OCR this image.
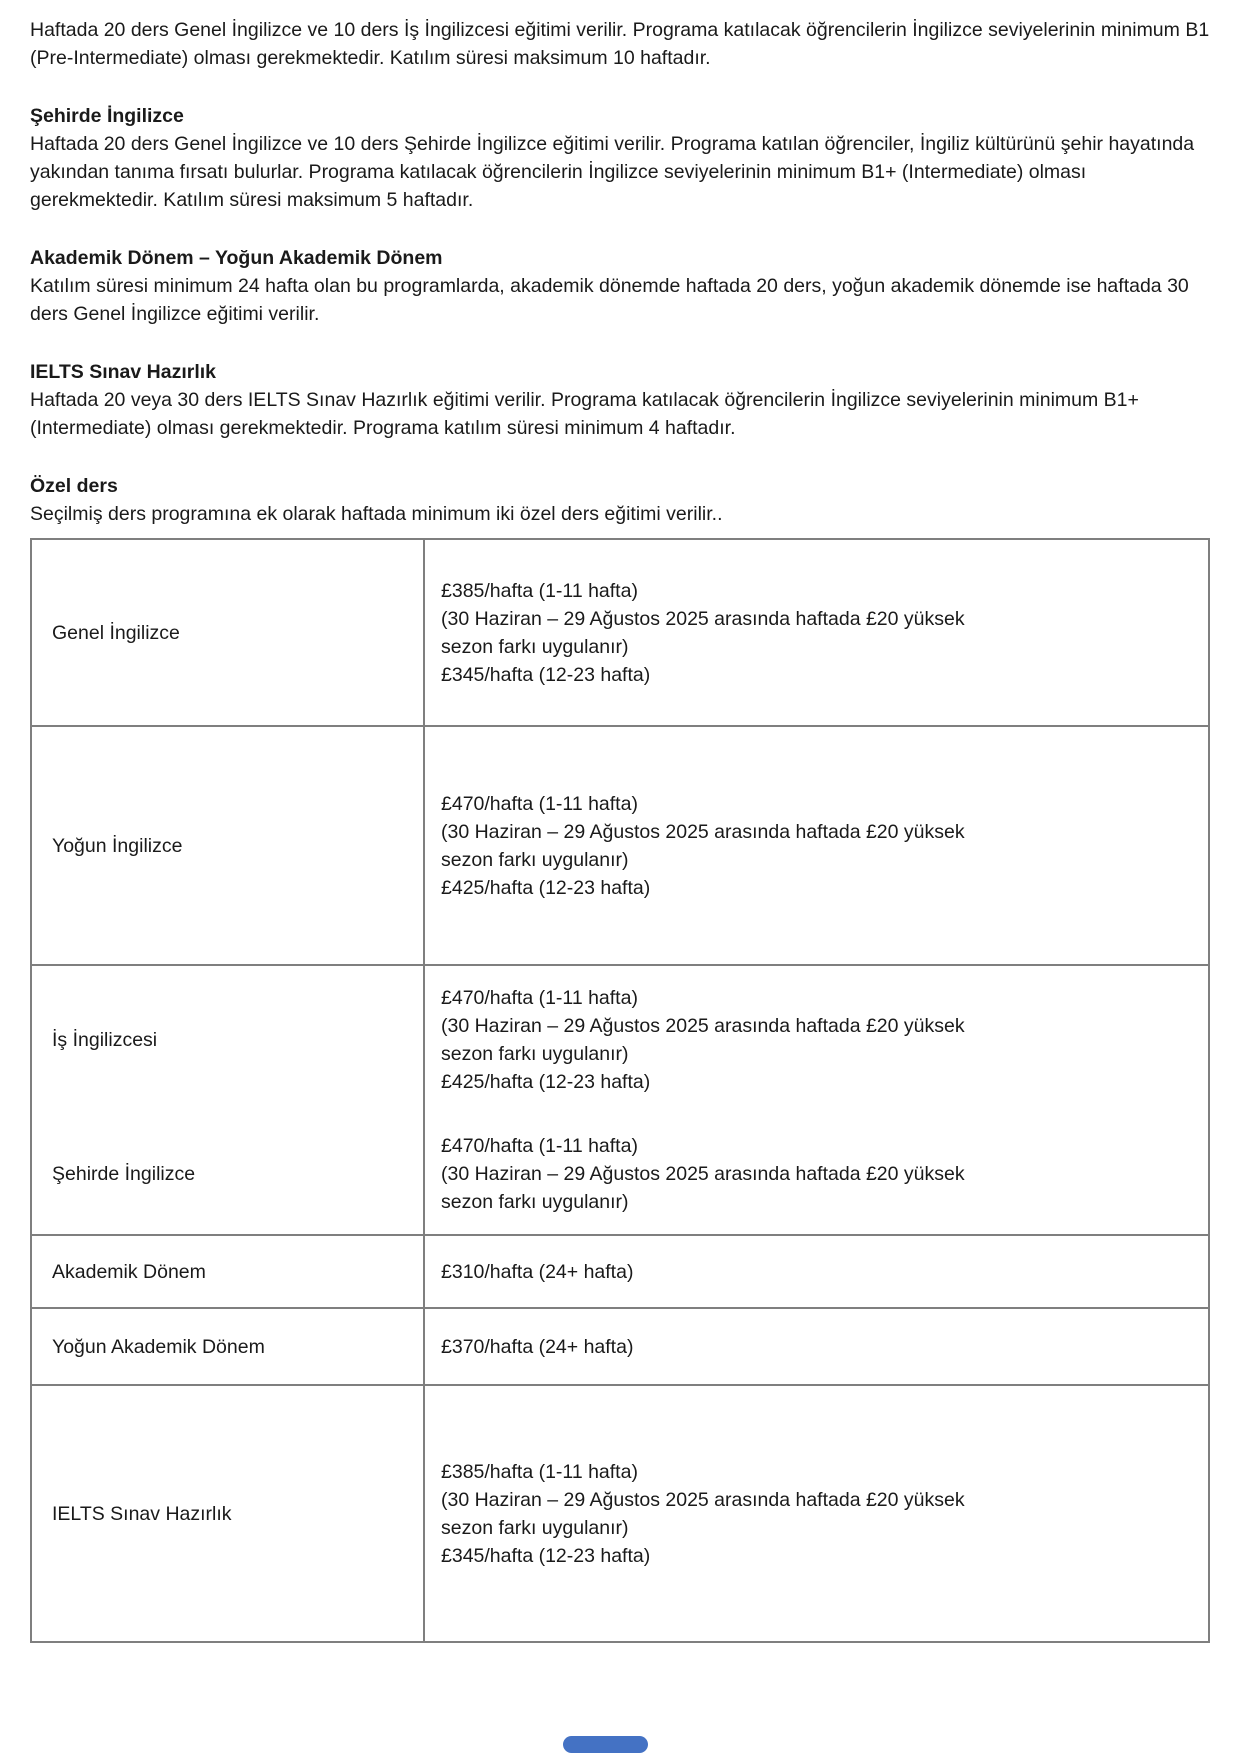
Haftada 20 ders Genel İngilizce ve 10 ders İş İngilizcesi eğitimi verilir. Programa katılacak öğrencilerin İngilizce seviyelerinin minimum B1 (Pre-Intermediate) olması gerekmektedir. Katılım süresi maksimum 10 haftadır.

Şehirde İngilizce

Haftada 20 ders Genel İngilizce ve 10 ders Şehirde İngilizce eğitimi verilir. Programa katılan öğrenciler, İngiliz kültürünü şehir hayatında yakından tanıma fırsatı bulurlar. Programa katılacak öğrencilerin İngilizce seviyelerinin minimum B1+ (Intermediate) olması gerekmektedir. Katılım süresi maksimum 5 haftadır.

Akademik Dönem – Yoğun Akademik Dönem

Katılım süresi minimum 24 hafta olan bu programlarda, akademik dönemde haftada 20 ders, yoğun akademik dönemde ise haftada 30 ders Genel İngilizce eğitimi verilir.

IELTS Sınav Hazırlık

Haftada 20 veya 30 ders IELTS Sınav Hazırlık eğitimi verilir. Programa katılacak öğrencilerin İngilizce seviyelerinin minimum B1+ (Intermediate) olması gerekmektedir. Programa katılım süresi minimum 4 haftadır.

Özel ders

Seçilmiş ders programına ek olarak haftada minimum iki özel ders eğitimi verilir..

Genel İngilizce
£385/hafta (1-11 hafta)
(30 Haziran – 29 Ağustos 2025 arasında haftada £20 yüksek sezon farkı uygulanır)
£345/hafta (12-23 hafta)
Yoğun İngilizce
£470/hafta (1-11 hafta)
(30 Haziran – 29 Ağustos 2025 arasında haftada £20 yüksek sezon farkı uygulanır)
£425/hafta (12-23 hafta)
İş İngilizcesi
£470/hafta (1-11 hafta)
(30 Haziran – 29 Ağustos 2025 arasında haftada £20 yüksek sezon farkı uygulanır)
£425/hafta (12-23 hafta)
Şehirde İngilizce
£470/hafta (1-11 hafta)
(30 Haziran – 29 Ağustos 2025 arasında haftada £20 yüksek sezon farkı uygulanır)
Akademik Dönem	£310/hafta (24+ hafta)
Yoğun Akademik Dönem	£370/hafta (24+ hafta)
IELTS Sınav Hazırlık
£385/hafta (1-11 hafta)
(30 Haziran – 29 Ağustos 2025 arasında haftada £20 yüksek sezon farkı uygulanır)
£345/hafta (12-23 hafta)
